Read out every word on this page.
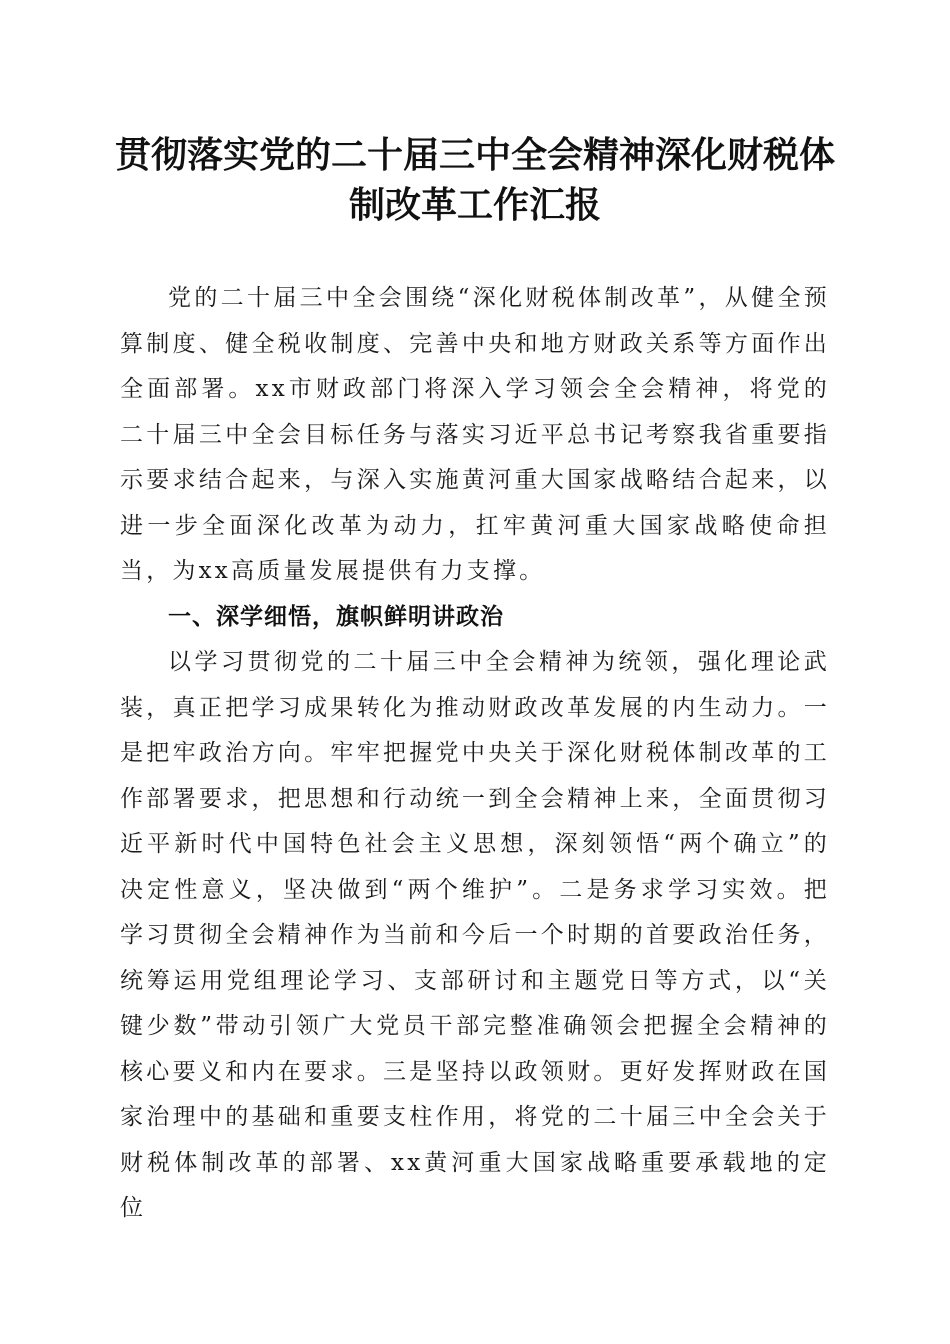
贯彻落实党的二十届三中全会精神深化财税体制改革工作汇报

党的二十届三中全会围绕“深化财税体制改革”，从健全预算制度、健全税收制度、完善中央和地方财政关系等方面作出全面部署。xx市财政部门将深入学习领会全会精神，将党的二十届三中全会目标任务与落实习近平总书记考察我省重要指示要求结合起来，与深入实施黄河重大国家战略结合起来，以进一步全面深化改革为动力，扛牢黄河重大国家战略使命担当，为xx高质量发展提供有力支撑。

一、深学细悟，旗帜鲜明讲政治

以学习贯彻党的二十届三中全会精神为统领，强化理论武装，真正把学习成果转化为推动财政改革发展的内生动力。一是把牢政治方向。牢牢把握党中央关于深化财税体制改革的工作部署要求，把思想和行动统一到全会精神上来，全面贯彻习近平新时代中国特色社会主义思想，深刻领悟“两个确立”的决定性意义，坚决做到“两个维护”。二是务求学习实效。把学习贯彻全会精神作为当前和今后一个时期的首要政治任务，统筹运用党组理论学习、支部研讨和主题党日等方式，以“关键少数”带动引领广大党员干部完整准确领会把握全会精神的核心要义和内在要求。三是坚持以政领财。更好发挥财政在国家治理中的基础和重要支柱作用，将党的二十届三中全会关于财税体制改革的部署、xx黄河重大国家战略重要承载地的定位
